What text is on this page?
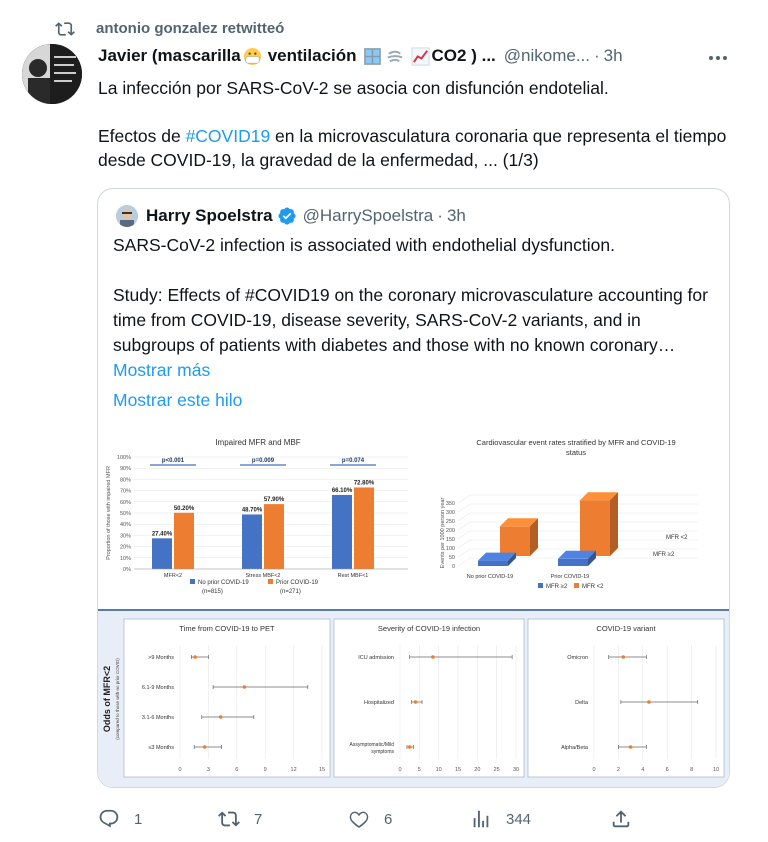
antonio gonzalez retwitteó
Javier (mascarilla ventilación	CO2 ) ... @nikome... · 3h

La infección por SARS-CoV-2 se asocia con disfunción endotelial.

Efectos de #COVID19 en la microvasculatura coronaria que representa el tiempo desde COVID-19, la gravedad de la enfermedad, ... (1/3)

Harry Spoelstra @HarrySpoelstra · 3h

SARS-CoV-2 infection is associated with endothelial dysfunction.

Study: Effects of #COVID19 on the coronary microvasculature accounting for time from COVID-19, disease severity, SARS-CoV-2 variants, and in subgroups of patients with diabetes and those with no known coronary… Mostrar más

Mostrar este hilo
Impaired MFR and MBF
0%
10%
20%
30%
40%
50%
60%
70%
80%
90%
100%
Proportion of those with impaired MFR	27.40%
50.20%
p<0.001
MFR<2
48.70%
57.90%
p=0.009
Stress MBF<2
66.10%
72.80%
p=0.074
Rest MBF<1
No prior COVID-19
(n=815)
Prior COVID-19
(n=271)
Cardiovascular event rates stratified by MFR and COVID-19
status
0
50
100
150
200
250
300
350
Events per 1000 person year
No prior COVID-19	Prior COVID-19
MFR <2
MFR ≥2
MFR ≥2 MFR <2
Odds of MFR<2 (compared to those with no prior COVID)
Time from COVID-19 to PET
0	3	6	9	12	15
>9 Months
6.1-9 Months
3.1-6 Months
≤3 Months
Severity of COVID-19 infection
0	5	10 15 20 25 30
ICU admission
Hospitalized
Assymptomatic/Mild
symptoms
COVID-19 variant
0	2	4	6	8	10
Omicron
Delta
Alpha/Beta
1	7	6	344
